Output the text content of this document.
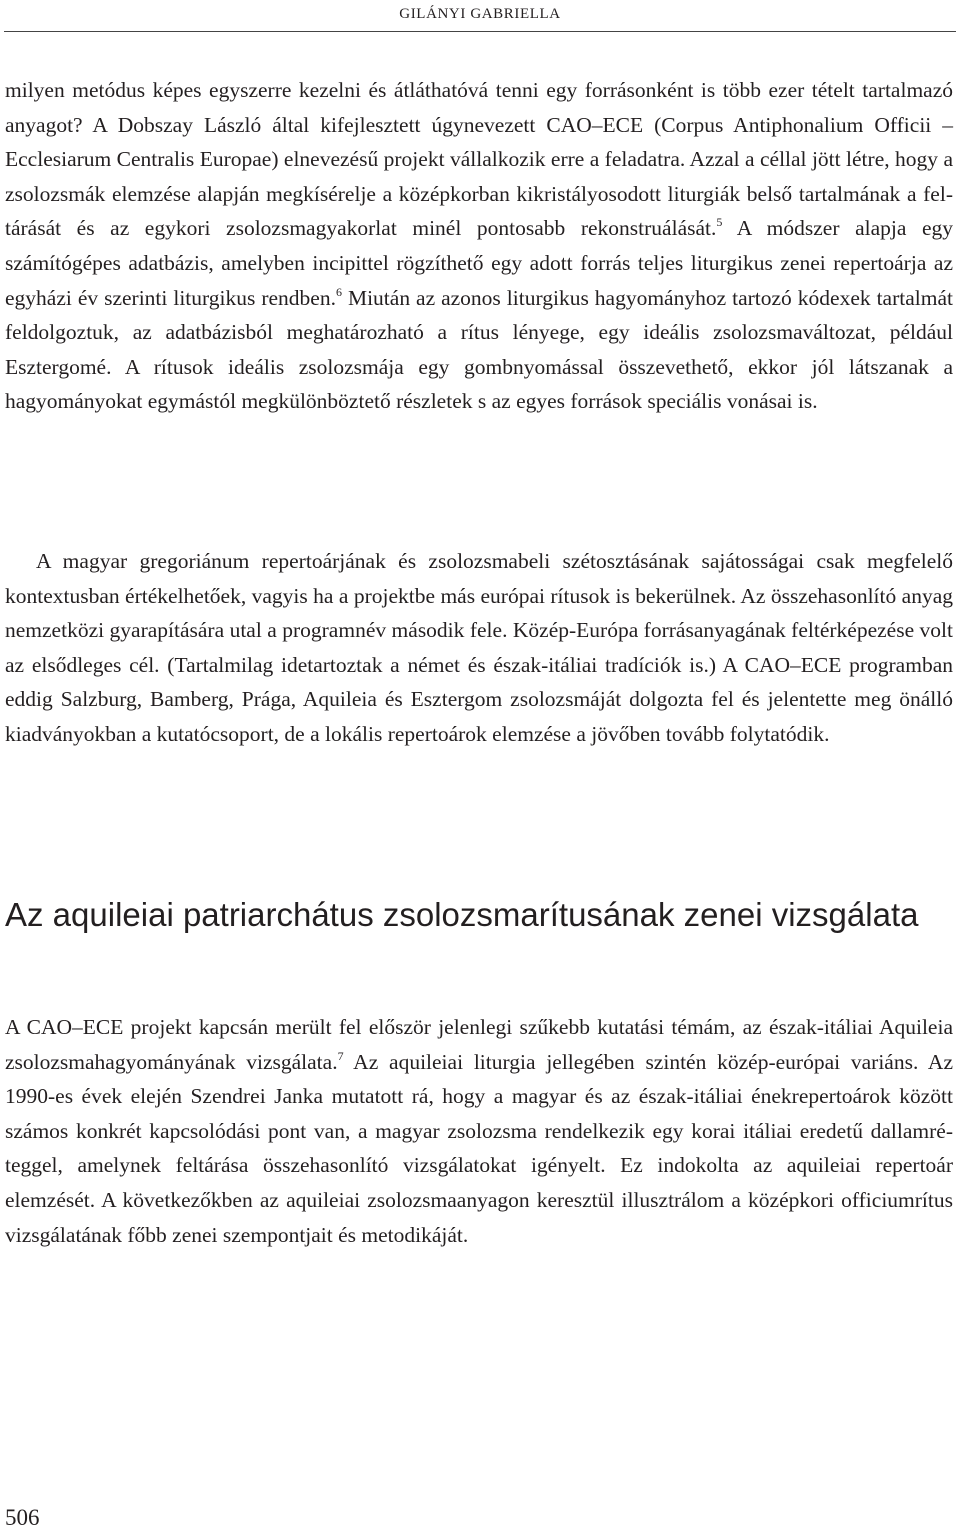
GILÁNYI GABRIELLA

milyen metódus képes egyszerre kezelni és átláthatóvá tenni egy forrásonként is több ezer tételt tartalmazó anyagot? A Dobszay László által kifejlesztett úgynevezett CAO–ECE (Corpus Antiphonalium Officii – Ecclesiarum Centralis Europae) elnevezésű projekt vállalkozik erre a feladatra. Azzal a céllal jött létre, hogy a zsolozsmák elemzése alapján megkísérelje a középkorban kikristályosodott liturgiák belső tartalmának a feltárását és az egykori zsolozsmagyakorlat minél pontosabb rekonstruálását.$^5$ A módszer alapja egy számítógépes adatbázis, amelyben incipittel rögzíthető egy adott forrás teljes liturgikus zenei repertoárja az egyházi év szerinti liturgikus rendben.$^6$ Miután az azonos liturgikus hagyományhoz tartozó kódexek tartalmát feldolgoztuk, az adatbázisból meghatározható a rítus lényege, egy ideális zsolozsmaváltozat, például Esztergomé. A rítusok ideális zsolozsmája egy gombnyomással összevethető, ekkor jól látszanak a hagyományokat egymástól megkülönböztető részletek s az egyes források speciális vonásai is.

A magyar gregoriánum repertoárjának és zsolozsmabeli szétosztásának sajátosságai csak megfelelő kontextusban értékelhetőek, vagyis ha a projektbe más európai rítusok is bekerülnek. Az összehasonlító anyag nemzetközi gyarapítására utal a programnév második fele. Közép-Európa forrásanyagának feltérképezése volt az elsődleges cél. (Tartalmilag idetartoztak a német és észak-itáliai tradíciók is.) A CAO–ECE programban eddig Salzburg, Bamberg, Prága, Aquileia és Esztergom zsolozsmáját dolgozta fel és jelentette meg önálló kiadványokban a kutatócsoport, de a lokális repertoárok elemzése a jövőben tovább folytatódik.

Az aquileiai patriarchátus zsolozsmarítusának zenei vizsgálata

A CAO–ECE projekt kapcsán merült fel először jelenlegi szűkebb kutatási témám, az észak-itáliai Aquileia zsolozsmahagyományának vizsgálata.$^7$ Az aquileiai liturgia jellegében szintén közép-európai variáns. Az 1990-es évek elején Szendrei Janka mutatott rá, hogy a magyar és az észak-itáliai énekrepertoárok között számos konkrét kapcsolódási pont van, a magyar zsolozsma rendelkezik egy korai itáliai eredetű dallamréteggel, amelynek feltárása összehasonlító vizsgálatokat igényelt. Ez indokolta az aquileiai repertoár elemzését. A következőkben az aquileiai zsolozsmaanyagon keresztül illusztrálom a középkori officiumrítus vizsgálatának főbb zenei szempontjait és metodikáját.

506
